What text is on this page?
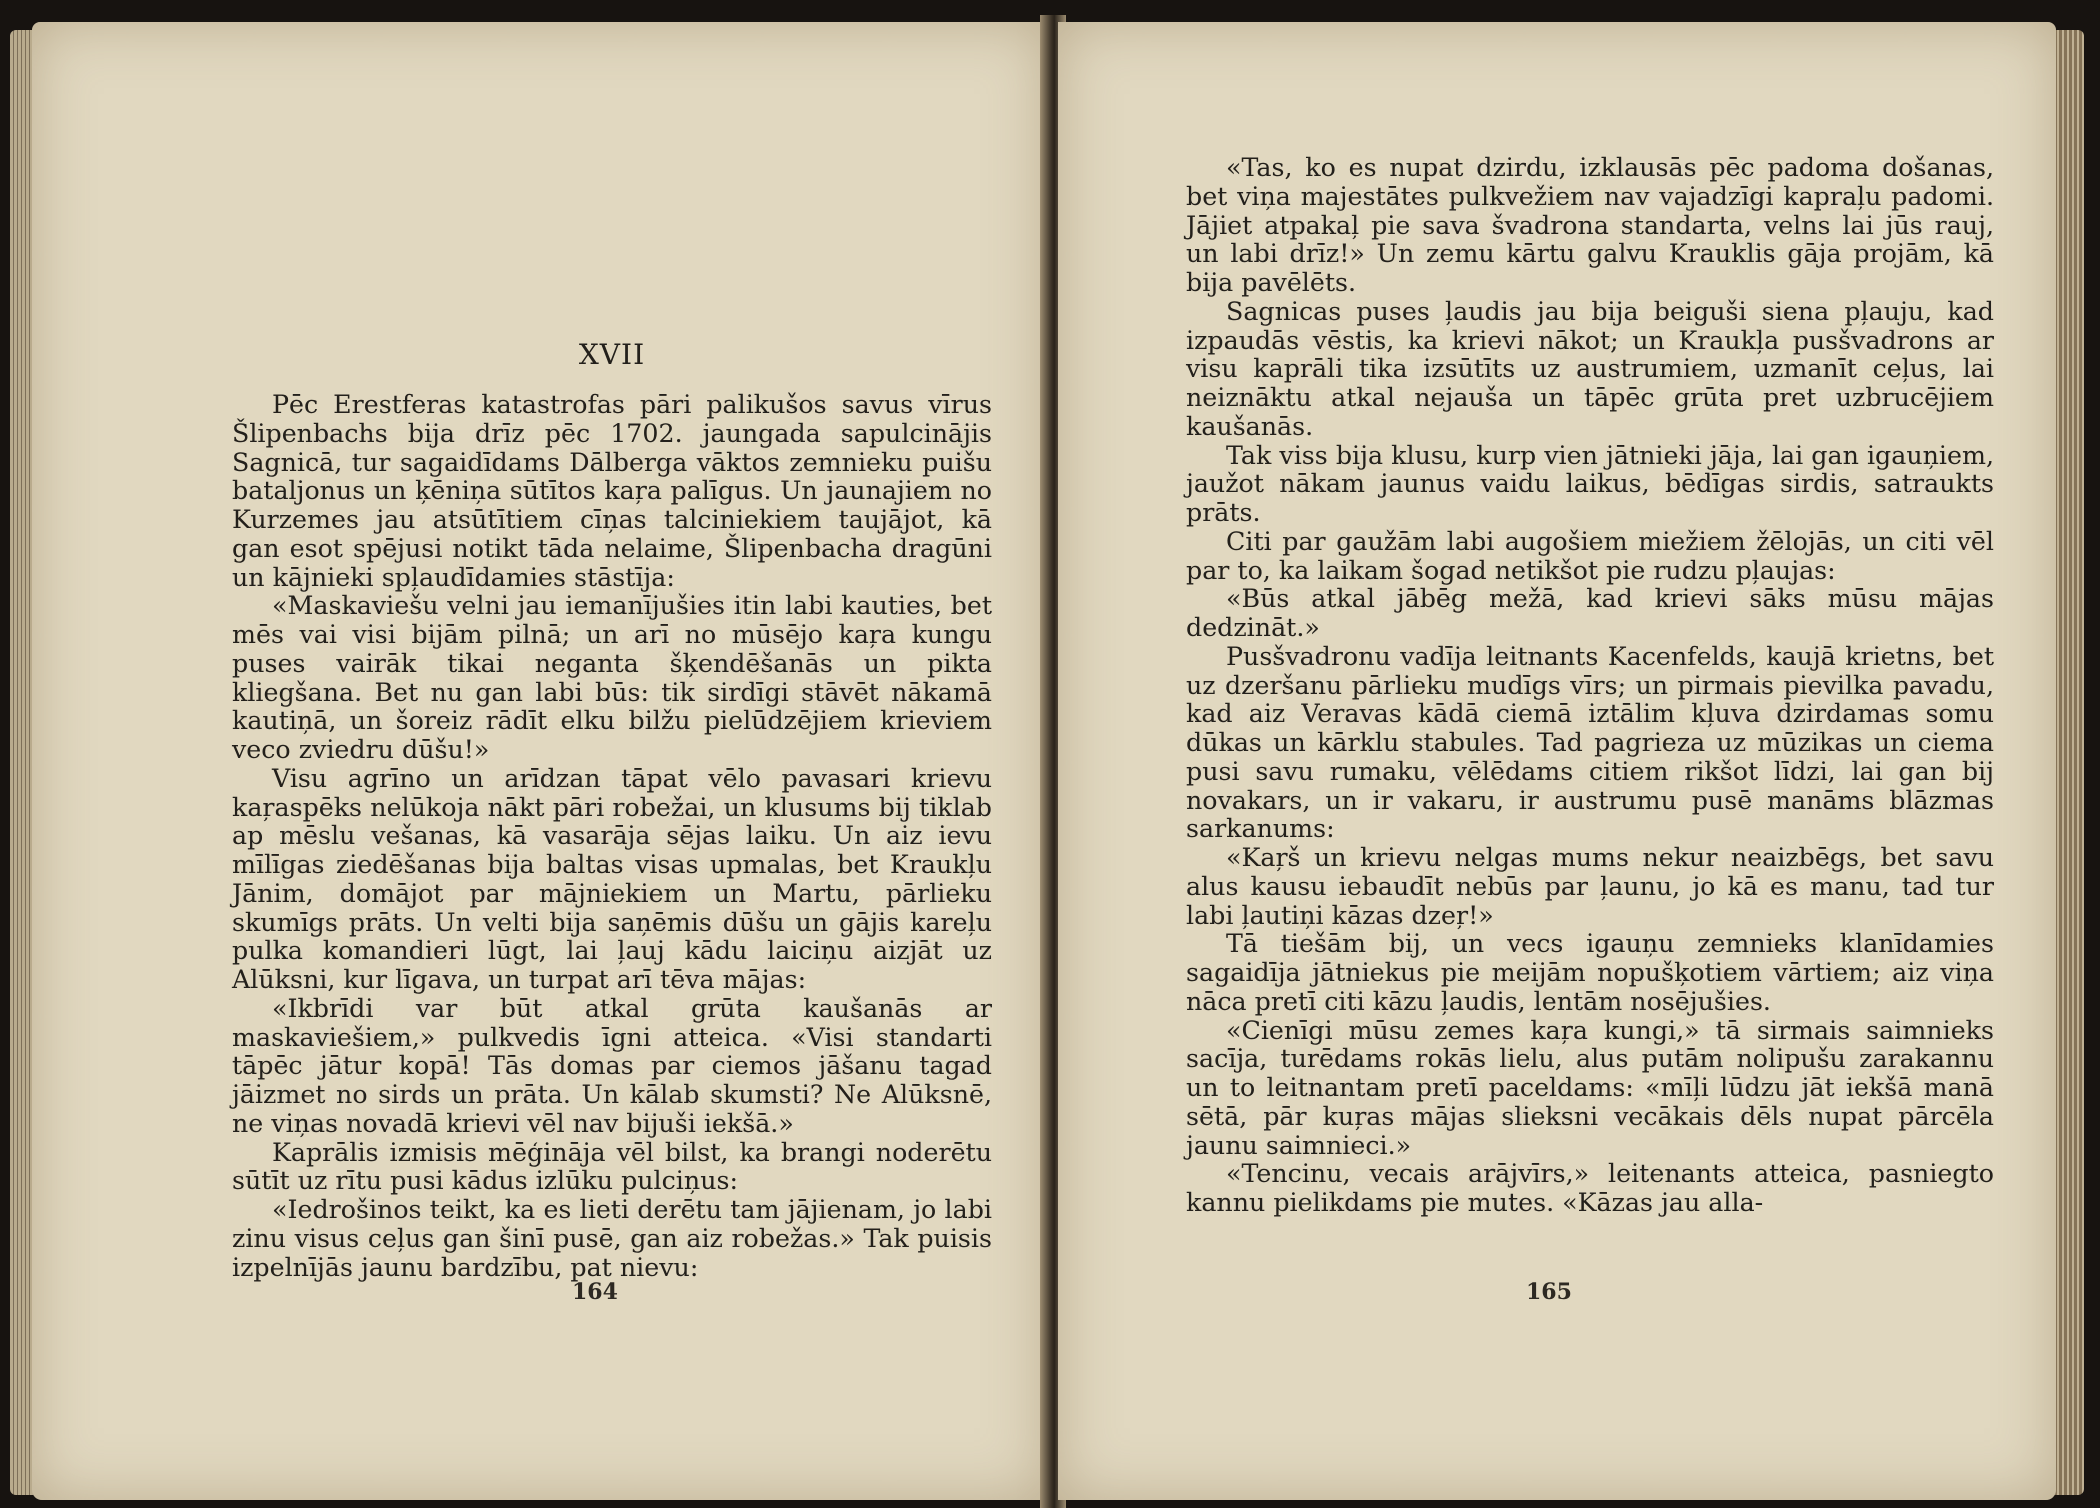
XVII

Pēc Erestferas katastrofas pāri palikušos savus vīrus Šlipenbachs bija drīz pēc 1702. jaungada sapulcinājis Sagnicā, tur sagaidīdams Dālberga vāktos zemnieku puišu bataljonus un ķēniņa sūtītos kaŗa palīgus. Un jaunajiem no Kurzemes jau atsūtītiem cīņas talciniekiem taujājot, kā gan esot spējusi notikt tāda nelaime, Šlipenbacha dragūni un kājnieki spļaudīdamies stāstīja:

«Maskaviešu velni jau iemanījušies itin labi kauties, bet mēs vai visi bijām pilnā; un arī no mūsējo kaŗa kungu puses vairāk tikai neganta šķendēšanās un pikta kliegšana. Bet nu gan labi būs: tik sirdīgi stāvēt nākamā kautiņā, un šoreiz rādīt elku bilžu pielūdzējiem krieviem veco zviedru dūšu!»

Visu agrīno un arīdzan tāpat vēlo pavasari krievu kaŗaspēks nelūkoja nākt pāri robežai, un klusums bij tiklab ap mēslu vešanas, kā vasarāja sējas laiku. Un aiz ievu mīlīgas ziedēšanas bija baltas visas upmalas, bet Kraukļu Jānim, domājot par mājniekiem un Martu, pārlieku skumīgs prāts. Un velti bija saņēmis dūšu un gājis kareļu pulka komandieri lūgt, lai ļauj kādu laiciņu aizjāt uz Alūksni, kur līgava, un turpat arī tēva mājas:

«Ikbrīdi var būt atkal grūta kaušanās ar maskaviešiem,» pulkvedis īgni atteica. «Visi standarti tāpēc jātur kopā! Tās domas par ciemos jāšanu tagad jāizmet no sirds un prāta. Un kālab skumsti? Ne Alūksnē, ne viņas novadā krievi vēl nav bijuši iekšā.»

Kaprālis izmisis mēģināja vēl bilst, ka brangi noderētu sūtīt uz rītu pusi kādus izlūku pulciņus:

«Iedrošinos teikt, ka es lieti derētu tam jājienam, jo labi zinu visus ceļus gan šinī pusē, gan aiz robežas.» Tak puisis izpelnījās jaunu bardzību, pat nievu:

164

«Tas, ko es nupat dzirdu, izklausās pēc padoma došanas, bet viņa majestātes pulkvežiem nav vajadzīgi kapraļu padomi. Jājiet atpakaļ pie sava švadrona standarta, velns lai jūs rauj, un labi drīz!» Un zemu kārtu galvu Krauklis gāja projām, kā bija pavēlēts.

Sagnicas puses ļaudis jau bija beiguši siena pļauju, kad izpaudās vēstis, ka krievi nākot; un Kraukļa pusšvadrons ar visu kaprāli tika izsūtīts uz austrumiem, uzmanīt ceļus, lai neiznāktu atkal nejauša un tāpēc grūta pret uzbrucējiem kaušanās.

Tak viss bija klusu, kurp vien jātnieki jāja, lai gan igauņiem, jaužot nākam jaunus vaidu laikus, bēdīgas sirdis, satraukts prāts.

Citi par gaužām labi augošiem miežiem žēlojās, un citi vēl par to, ka laikam šogad netikšot pie rudzu pļaujas:

«Būs atkal jābēg mežā, kad krievi sāks mūsu mājas dedzināt.»

Pusšvadronu vadīja leitnants Kacenfelds, kaujā krietns, bet uz dzeršanu pārlieku mudīgs vīrs; un pirmais pievilka pavadu, kad aiz Veravas kādā ciemā iztālim kļuva dzirdamas somu dūkas un kārklu stabules. Tad pagrieza uz mūzikas un ciema pusi savu rumaku, vēlēdams citiem rikšot līdzi, lai gan bij novakars, un ir vakaru, ir austrumu pusē manāms blāzmas sarkanums:

«Kaŗš un krievu nelgas mums nekur neaizbēgs, bet savu alus kausu iebaudīt nebūs par ļaunu, jo kā es manu, tad tur labi ļautiņi kāzas dzeŗ!»

Tā tiešām bij, un vecs igauņu zemnieks klanīdamies sagaidīja jātniekus pie meijām nopušķotiem vārtiem; aiz viņa nāca pretī citi kāzu ļaudis, lentām nosējušies.

«Cienīgi mūsu zemes kaŗa kungi,» tā sirmais saimnieks sacīja, turēdams rokās lielu, alus putām nolipušu zarakannu un to leitnantam pretī paceldams: «mīļi lūdzu jāt iekšā manā sētā, pār kuŗas mājas slieksni vecākais dēls nupat pārcēla jaunu saimnieci.»

«Tencinu, vecais arājvīrs,» leitenants atteica, pasniegto kannu pielikdams pie mutes. «Kāzas jau alla-

165
